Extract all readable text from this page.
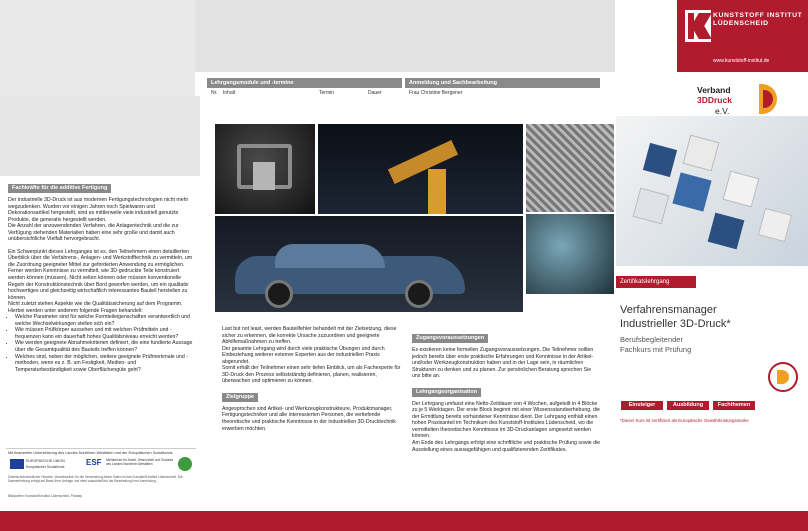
KUNSTSTOFF INSTITUT LÜDENSCHEID
www.kunststoff-institut.de
Verband
3DDruck
e.V.
Lehrgangsmodule und -termine
Nr. Inhalt	Termin	Dauer
Anmeldung und Sachbearbeitung
Frau Christine Bergener
Fachkräfte für die additive Fertigung

Der industrielle 3D-Druck ist aus modernen Fertigungstechnologien nicht mehr wegzudenken. Wurden vor einigen Jahren noch Spielwaren und Dekorationsartikel hergestellt, sind es mittlerweile viele industriell genutzte Produkte, die generativ hergestellt werden.

Die Anzahl der anzuwendenden Verfahren, die Anlagentechnik und die zur Verfügung stehenden Materialien haben eine sehr große und damit auch unübersichtliche Vielfalt hervorgebracht.

Ein Schwerpunkt dieses Lehrganges ist es, den Teilnehmern einen detaillierten Überblick über die Verfahrens-, Anlagen- und Werkstofftechnik zu vermitteln, um die Zuordnung geeigneter Mittel zur geforderten Anwendung zu ermöglichen.

Ferner werden Kenntnisse zu vermittelt, wie 3D-gedruckte Teile konstruiert werden können (müssen). Nicht selten können oder müssen konventionelle Regeln der Konstruktionstechnik über Bord geworfen werden, um ein qualitativ hochwertiges und gleichzeitig wirtschaftlich interessantes Bauteil herstellen zu können.

Nicht zuletzt stehen Aspekte wie die Qualitätssicherung auf dem Programm. Hierbei werden unter anderem folgende Fragen behandelt:

• Welche Parameter sind für welche Formteileigenschaften verantwortlich und welche Wechselwirkungen stellen sich ein?
• Wie müssen Prüfkörper aussehen und mit welchen Prüfmitteln und -frequenzen kann ein dauerhaft hohes Qualitätsniveau erreicht werden?
• Wie werden geeignete Abnahmekriterien definiert, die eine fundierte Aussage über die Gesamtqualität des Bauteils treffen können?
• Welches sind, neben der möglichen, weitere geeignete Prüfmerkmale und -methoden, wenn es z. B. um Festigkeit, Medien- und Temperaturbeständigkeit sowie Oberflächengüte geht?
Mit finanzieller Unterstützung des Landes Nordrhein-Westfalen und der Europäischen Sozialfonds.
EUROPÄISCHE UNION
Europäischer Sozialfonds	ESF Ministerium für Arbeit, Gesundheit und Soziales des Landes Nordrhein-Westfalen
Datenschutzrechtlicher Hinweis: Verantwortlich für die Verwendung dieser Daten ist das Kunststoff-Institut Lüdenscheid. Die Datenerhebung erfolgt auf Basis Ihrer Anfrage und dient ausschließlich der Bearbeitung Ihrer Anmeldung.
Bildquellen: Kunststoff-Institut Lüdenscheid, Pixabay

Last but not least, werden Bauteilfehler behandelt mit der Zielsetzung, diese sicher zu erkennen, die korrekte Ursache zuzuordnen und geeignete Abhilfemaßnahmen zu treffen.

Der gesamte Lehrgang wird durch viele praktische Übungen und durch Einbeziehung weiterer externer Experten aus der industriellen Praxis abgerundet.

Somit erhält der Teilnehmer einen sehr tiefen Einblick, um als Fachexperte für 3D-Druck den Prozess selbstständig definieren, planen, realisieren, überwachen und optimieren zu können.

Zielgruppe

Angesprochen sind Artikel- und Werkzeugkonstrukteure, Produktmanager, Fertigungstechniker und alle interessierten Personen, die vertiefende theoretische und praktische Kenntnisse in der industriellen 3D-Drucktechnik erwerben möchten.

Zugangsvoraussetzungen

Es existieren keine formellen Zugangsvoraussetzungen. Die Teilnehmer sollten jedoch bereits über erste praktische Erfahrungen und Kenntnisse in der Artikel- und/oder Werkzeugkonstruktion haben und in der Lage sein, in räumlichen Strukturen zu denken und zu planen. Zur persönlichen Beratung sprechen Sie uns bitte an.

Lehrgangsorganisation

Der Lehrgang umfasst eine Netto-Zeitdauer von 4 Wochen, aufgeteilt in 4 Blöcke zu je 5 Werktagen. Der erste Block beginnt mit einer Wissensstandserhebung, die der Ermittlung bereits vorhandener Kenntnisse dient. Der Lehrgang enthält einen hohen Praxisanteil im Technikum des Kunststoff-Institutes Lüdenscheid, wo die vermittelten theoretischen Kenntnisse im 3D-Druckanlagen umgesetzt werden können.

Am Ende des Lehrgangs erfolgt eine schriftliche und praktische Prüfung sowie die Ausstellung eines aussagefähigen und qualifizierenden Zertifikates.

Zertifikatslehrgang
Verfahrensmanager
Industrieller 3D-Druck*
Berufsbegleitender
Fachkurs mit Prüfung
Einsteiger	Ausbildung	Fachthemen
*Dieser Kurs ist zertifiziert als Europäische Gewährleistungsmarke
